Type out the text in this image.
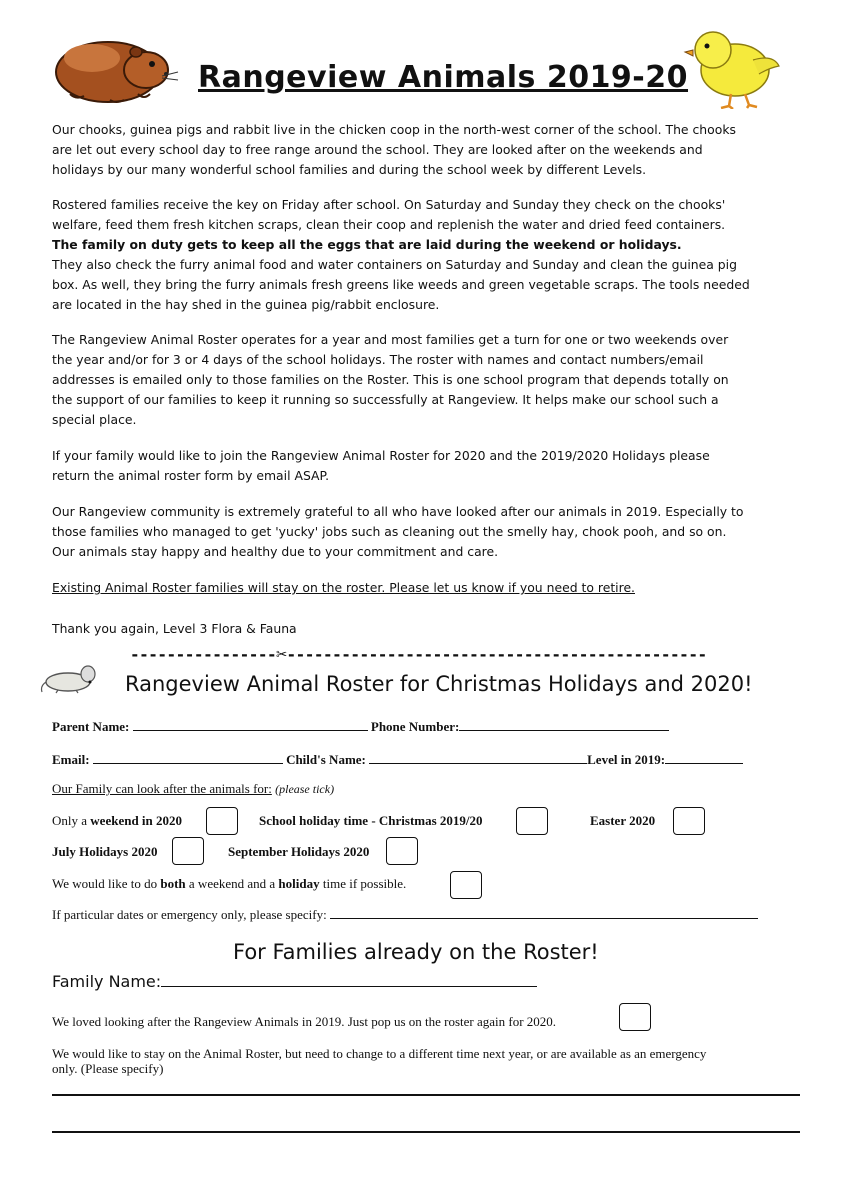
Rangeview Animals 2019-20
Our chooks, guinea pigs and rabbit live in the chicken coop in the north-west corner of the school. The chooks
are let out every school day to free range around the school. They are looked after on the weekends and
holidays by our many wonderful school families and during the school week by different Levels.
Rostered families receive the key on Friday after school. On Saturday and Sunday they check on the chooks'
welfare, feed them fresh kitchen scraps, clean their coop and replenish the water and dried feed containers.
The family on duty gets to keep all the eggs that are laid during the weekend or holidays.
They also check the furry animal food and water containers on Saturday and Sunday and clean the guinea pig
box. As well, they bring the furry animals fresh greens like weeds and green vegetable scraps. The tools needed
are located in the hay shed in the guinea pig/rabbit enclosure.
The Rangeview Animal Roster operates for a year and most families get a turn for one or two weekends over
the year and/or for 3 or 4 days of the school holidays. The roster with names and contact numbers/email
addresses is emailed only to those families on the Roster. This is one school program that depends totally on
the support of our families to keep it running so successfully at Rangeview. It helps make our school such a
special place.
If your family would like to join the Rangeview Animal Roster for 2020 and the 2019/2020 Holidays please
return the animal roster form by email ASAP.
Our Rangeview community is extremely grateful to all who have looked after our animals in 2019. Especially to
those families who managed to get 'yucky' jobs such as cleaning out the smelly hay, chook pooh, and so on.
Our animals stay happy and healthy due to your commitment and care.
Existing Animal Roster families will stay on the roster. Please let us know if you need to retire.
Thank you again, Level 3 Flora & Fauna
----------------✂----------------------------------------------
Rangeview Animal Roster for Christmas Holidays and 2020!
Parent Name:	Phone Number:
Email:	Child's Name:	Level in 2019:
Our Family can look after the animals for: (please tick)
Only a weekend in 2020	School holiday time - Christmas 2019/20	Easter 2020
July Holidays 2020	September Holidays 2020
We would like to do both a weekend and a holiday time if possible.
If particular dates or emergency only, please specify:
For Families already on the Roster!
Family Name:
We loved looking after the Rangeview Animals in 2019. Just pop us on the roster again for 2020.
We would like to stay on the Animal Roster, but need to change to a different time next year, or are available as an emergency
only. (Please specify)
